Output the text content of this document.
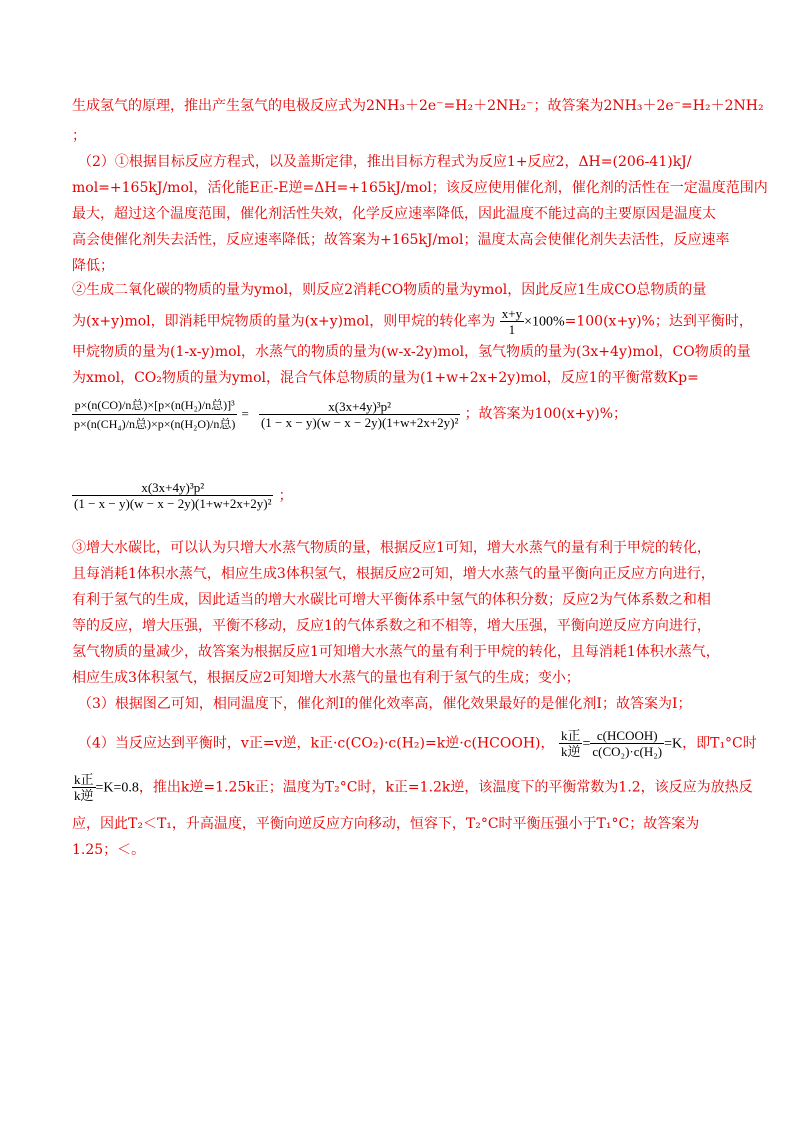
生成氢气的原理，推出产生氢气的电极反应式为2NH₃＋2e⁻=H₂＋2NH₂⁻；故答案为2NH₃＋2e⁻=H₂＋2NH₂
；
（2）①根据目标反应方程式，以及盖斯定律，推出目标方程式为反应1+反应2，ΔH=(206-41)kJ/
mol=+165kJ/mol，活化能E正-E逆=ΔH=+165kJ/mol；该反应使用催化剂，催化剂的活性在一定温度范围内
最大，超过这个温度范围，催化剂活性失效，化学反应速率降低，因此温度不能过高的主要原因是温度太
高会使催化剂失去活性，反应速率降低；故答案为+165kJ/mol；温度太高会使催化剂失去活性，反应速率
降低；
②生成二氧化碳的物质的量为ymol，则反应2消耗CO物质的量为ymol，因此反应1生成CO总物质的量
为(x+y)mol，即消耗甲烷物质的量为(x+y)mol，则甲烷的转化率为 $\frac{x+y}{1} \times 100\%=100(x+y)\%$；达到平衡时，
甲烷物质的量为(1-x-y)mol，水蒸气的物质的量为(w-x-2y)mol，氢气物质的量为(3x+4y)mol，CO物质的量
为xmol，CO₂物质的量为ymol，混合气体总物质的量为(1+w+2x+2y)mol，反应1的平衡常数Kp=
$\frac{\text{p×(n(CO)/n总)×[p×(n(H₂)/n总)]³}}{\text{p×(n(CH₄)/n总)×p×(n(H₂O)/n总)}} = \frac{\text{x(3x+4y)³p²}}{\text{(1 − x − y)(w − x − 2y)(1+w+2x+2y)²}}$ ；故答案为100(x+y)%；
$\frac{\text{x(3x+4y)³p²}}{\text{(1 − x − y)(w − x − 2y)(1+w+2x+2y)²}}$ ；
③增大水碳比，可以认为只增大水蒸气物质的量，根据反应1可知，增大水蒸气的量有利于甲烷的转化，
且每消耗1体积水蒸气，相应生成3体积氢气，根据反应2可知，增大水蒸气的量平衡向正反应方向进行，
有利于氢气的生成，因此适当的增大水碳比可增大平衡体系中氢气的体积分数；反应2为气体系数之和相
等的反应，增大压强，平衡不移动，反应1的气体系数之和不相等，增大压强，平衡向逆反应方向进行，
氢气物质的量减少，故答案为根据反应1可知增大水蒸气的量有利于甲烷的转化，且每消耗1体积水蒸气，
相应生成3体积氢气，根据反应2可知增大水蒸气的量也有利于氢气的生成；变小；
（3）根据图乙可知，相同温度下，催化剂Ⅰ的催化效率高，催化效果最好的是催化剂Ⅰ；故答案为Ⅰ；
（4）当反应达到平衡时，v正=v逆，k正·c(CO₂)·c(H₂)=k逆·c(HCOOH)， $\frac{\text{k正}}{\text{k逆}} = \frac{\text{c(HCOOH)}}{\text{c(CO₂)·c(H₂)}} =K$，即T₁°C时
$\frac{\text{k正}}{\text{k逆}} =K=0.8$，推出k逆=1.25k正；温度为T₂°C时，k正=1.2k逆，该温度下的平衡常数为1.2，该反应为放热反
应，因此T₂＜T₁，升高温度，平衡向逆反应方向移动，恒容下，T₂°C时平衡压强小于T₁°C；故答案为
1.25；＜。
